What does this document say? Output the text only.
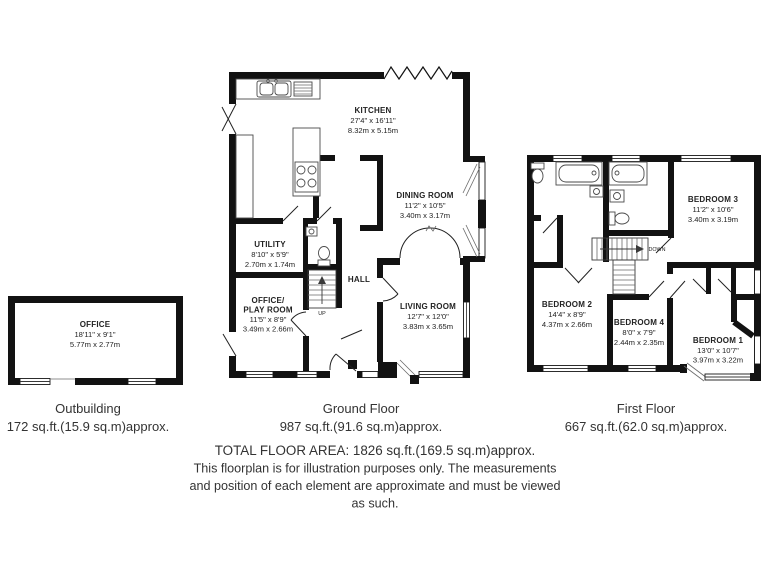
OFFICE
18'11" x 9'1"
5.77m x 2.77m
UP
KITCHEN
27'4" x 16'11"
8.32m x 5.15m
DINING ROOM
11'2" x 10'5"
3.40m x 3.17m
UTILITY
8'10" x 5'9"
2.70m x 1.74m
OFFICE/
PLAY ROOM
11'5" x 8'9"
3.49m x 2.66m
HALL
LIVING ROOM
12'7" x 12'0"
3.83m x 3.65m
DOWN
BEDROOM 3
11'2" x 10'6"
3.40m x 3.19m
BEDROOM 2
14'4" x 8'9"
4.37m x 2.66m	BEDROOM 4
8'0" x 7'9"
2.44m x 2.35m	BEDROOM 1
13'0" x 10'7"
3.97m x 3.22m
Outbuilding
172 sq.ft.(15.9 sq.m)approx.
Ground Floor
987 sq.ft.(91.6 sq.m)approx.
First Floor
667 sq.ft.(62.0 sq.m)approx.
TOTAL FLOOR AREA: 1826 sq.ft.(169.5 sq.m)approx.
This floorplan is for illustration purposes only. The measurements
and position of each element are approximate and must be viewed
as such.
